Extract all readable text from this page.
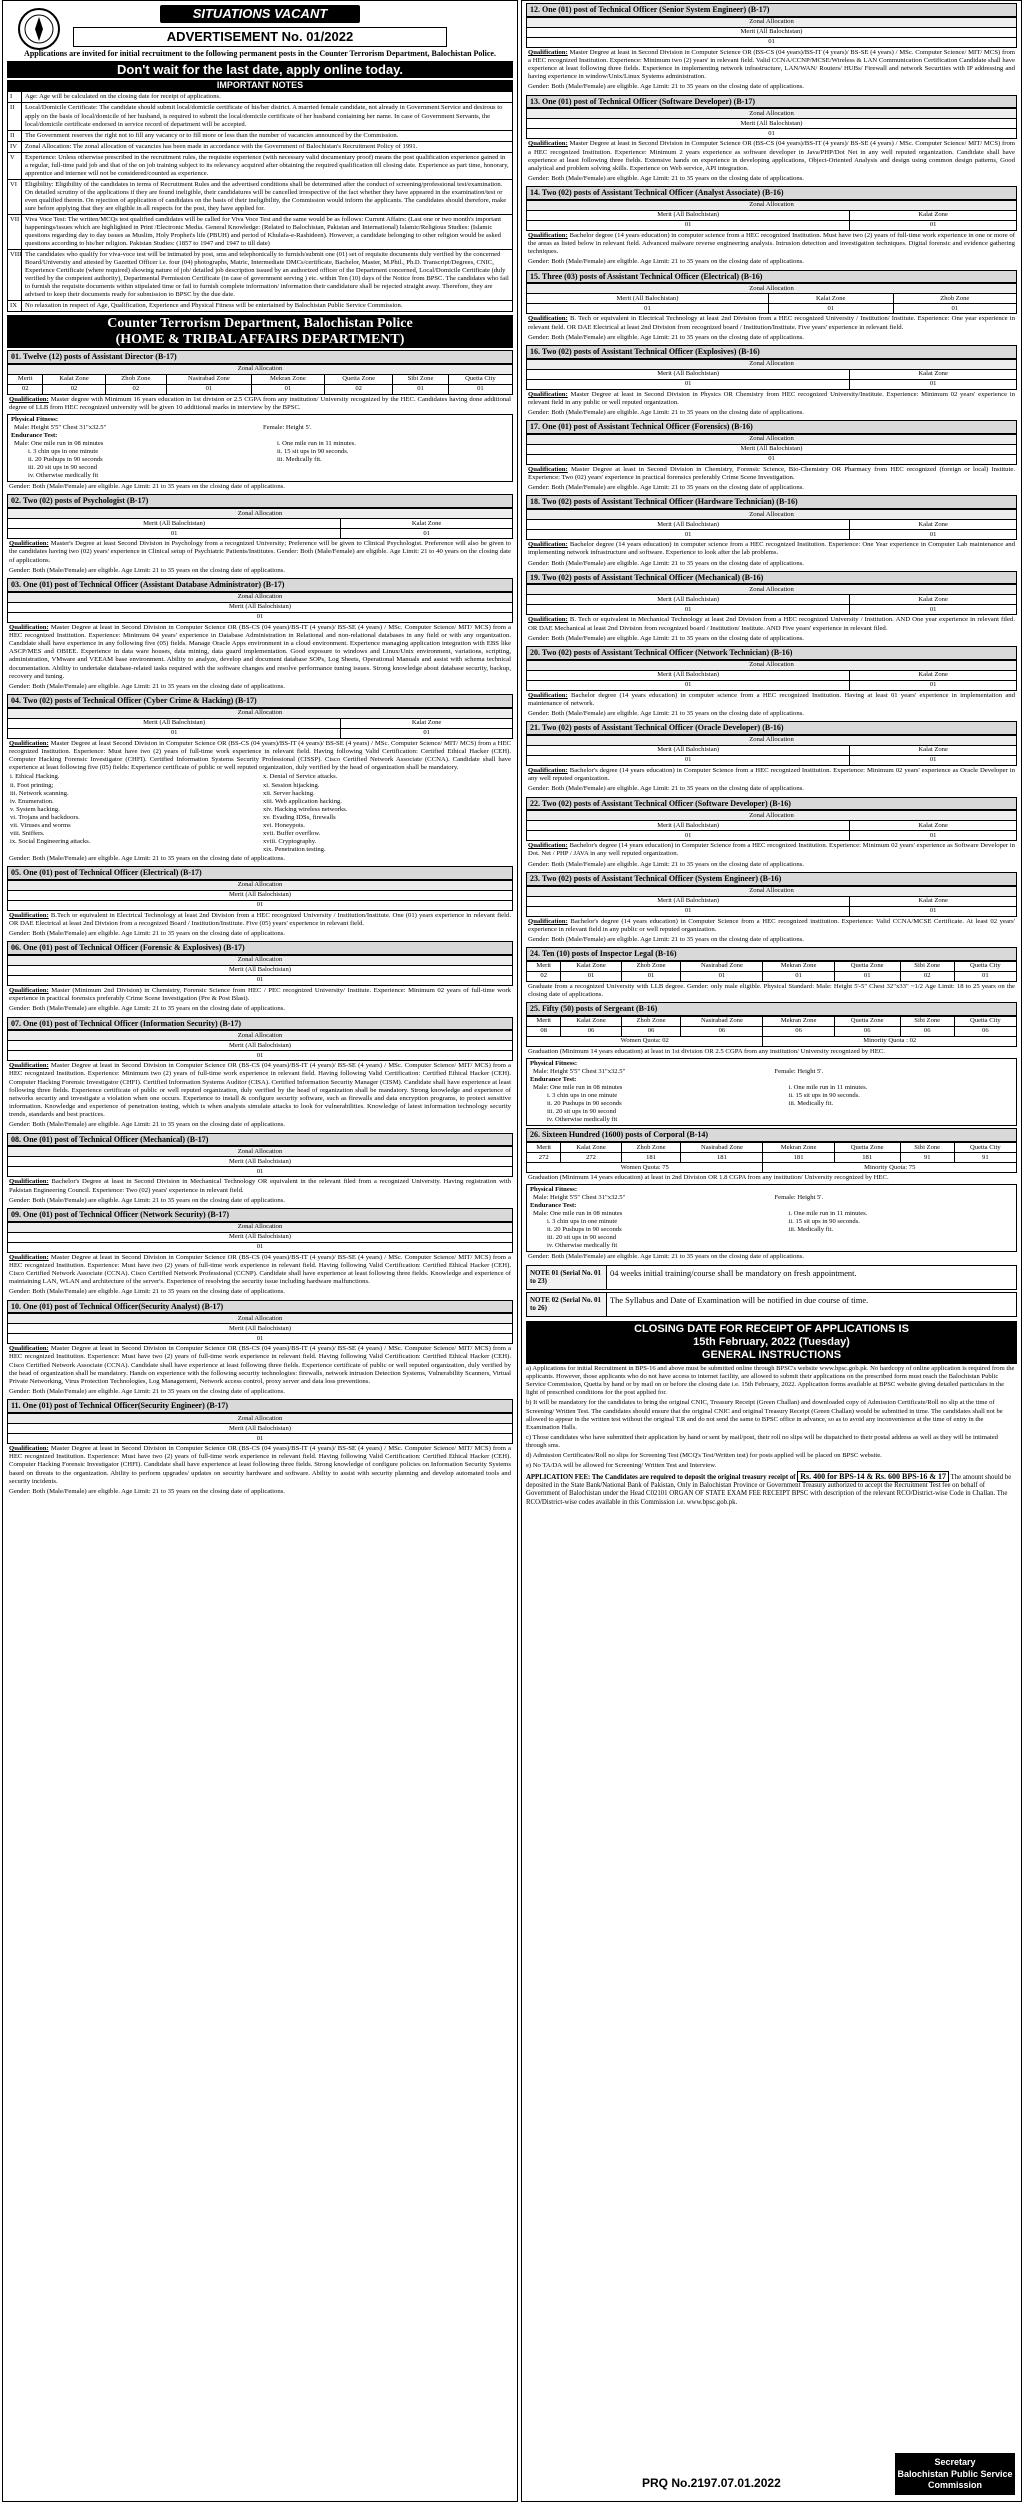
SITUATIONS VACANT
ADVERTISEMENT No. 01/2022
Applications are invited for initial recruitment to the following permanent posts in the Counter Terrorism Department, Balochistan Police.
Don't wait for the last date, apply online today.
IMPORTANT NOTES
I	Age: Age will be calculated on the closing date for receipt of applications.
II	Local/Domicile Certificate: The candidate should submit local/domicile certificate of his/her district. A married female candidate, not already in Government Service and desirous to apply on the basis of local/domicile of her husband, is required to submit the local/domicile certificate of her husband containing her name. In case of Government Servants, the local/domicile certificate endorsed in service record of department will be accepted.
II	The Government reserves the right not to fill any vacancy or to fill more or less than the number of vacancies announced by the Commission.
IV	Zonal Allocation: The zonal allocation of vacancies has been made in accordance with the Government of Balochistan's Recruitment Policy of 1991.
V	Experience: Unless otherwise prescribed in the recruitment rules, the requisite experience (with necessary valid documentary proof) means the post qualification experience gained in a regular, full-time paid job and that of the on job training subject to its relevancy acquired after obtaining the required qualification till closing date. Experience as part time, honorary, apprentice and internee will not be considered/counted as experience.
VI	Eligibility: Eligibility of the candidates in terms of Recruitment Rules and the advertised conditions shall be determined after the conduct of screening/professional test/examination. On detailed scrutiny of the applications if they are found ineligible, their candidatures will be cancelled irrespective of the fact whether they have appeared in the examination/test or even qualified therein. On rejection of application of candidates on the basis of their ineligibility, the Commission would inform the applicants. The candidates should therefore, make sure before applying that they are eligible in all respects for the post, they have applied for.
VII Viva Voce Test: The written/MCQs test qualified candidates will be called for Viva Voce Test and the same would be as follows: Current Affairs: (Last one or two month's important happenings/issues which are highlighted in Print /Electronic Media. General Knowledge: (Related to Balochistan, Pakistan and International) Islamic/Religious Studies: (Islamic questions regarding day to day issues as Muslim, Holy Prophet's life (PBUH) and period of Khulafa-e-Rashideen). However, a candidate belonging to other religion would be asked questions according to his/her religion. Pakistan Studies: (1857 to 1947 and 1947 to till date)
VIII The candidates who qualify for viva-voce test will be intimated by post, sms and telephonically to furnish/submit one (01) set of requisite documents duly verified by the concerned Board/University and attested by Gazetted Officer i.e. four (04) photographs, Matric, Intermediate DMCs/certificate, Bachelor, Master, M.Phil., Ph.D. Transcript/Degrees, CNIC, Experience Certificate (where required) showing nature of job/ detailed job description issued by an authorized officer of the Department concerned, Local/Domicile Certificate (duly verified by the competent authority), Departmental Permission Certificate (in case of government serving ) etc. within Ten (10) days of the Notice from BPSC. The candidates who fail to furnish the requisite documents within stipulated time or fail to furnish complete information/ information their candidature shall be rejected straight away. Therefore, they are advised to keep their documents ready for submission to BPSC by the due date.
IX	No relaxation in respect of Age, Qualification, Experience and Physical Fitness will be entertained by Balochistan Public Service Commission.
Counter Terrorism Department, Balochistan Police
(HOME & TRIBAL AFFAIRS DEPARTMENT)
01. Twelve (12) posts of Assistant Director (B-17)
Zonal Allocation							
Merit	Kalat Zone	Zhob Zone	Nasirabad Zone	Mekran Zone	Quetta Zone	Sibi Zone	Quetta City
02	02	02	01	01	02	01	01
Qualification: Master degree with Minimum 16 years education in 1st division or 2.5 CGPA from any institution/ University recognized by the HEC. Candidates having done additional degree of LLB from HEC recognized university will be given 10 additional marks in interview by the BPSC.
Physical Fitness:
Male: Height 5'5" Chest 31"x32.5"	Female: Height 5'.
Endurance Test:
Male: One mile run in 08 minutes
i. 3 chin ups in one minute
ii. 20 Pushups in 90 seconds
iii. 20 sit ups in 90 second
iv. Otherwise medically fit
i. One mile run in 11 minutes.
ii. 15 sit ups in 90 seconds.
iii. Medically fit.
Gender: Both (Male/Female) are eligible. Age Limit: 21 to 35 years on the closing date of applications.
02. Two (02) posts of Psychologist (B-17)
Zonal Allocation	
Merit (All Balochistan)	Kalat Zone
01	01
Qualification: Master's Degree at least Second Division in Psychology from a recognized University; Preference will be given to Clinical Psychologist. Preference will also be given to the candidates having two (02) years' experience in Clinical setup of Psychiatric Patients/Institutes. Gender: Both (Male/Female) are eligible. Age Limit: 21 to 40 years on the closing date of applications.
Gender: Both (Male/Female) are eligible. Age Limit: 21 to 35 years on the closing date of applications.
03. One (01) post of Technical Officer (Assistant Database Administrator) (B-17)
Zonal Allocation
Merit (All Balochistan)
01
Qualification: Master Degree at least in Second Division in Computer Science OR (BS-CS (04 years)/BS-IT (4 years)/ BS-SE (4 years) / MSc. Computer Science/ MIT/ MCS) from a HEC recognized Institution. Experience: Minimum 04 years' experience in Database Administration in Relational and non-relational databases in any field or with any organization. Candidate shall have experience in any following five (05) fields. Manage Oracle Apps environment in a cloud environment. Experience managing application integration with EBS like ASCP/MES and OBIEE. Experience in data ware houses, data mining, data guard implementation. Good exposure to windows and Linux/Unix environment, variations, scripting, administration, VMware and VEEAM base environment. Ability to analyze, develop and document database SOPs, Log Sheets, Operational Manuals and assist with schema technical documentation. Ability to undertake database-related tasks required with the software changes and resolve performance tuning issues. Strong knowledge about database security, backup, recovery and tuning.
Gender: Both (Male/Female) are eligible. Age Limit: 21 to 35 years on the closing date of applications.
04. Two (02) posts of Technical Officer (Cyber Crime & Hacking) (B-17)
Zonal Allocation	
Merit (All Balochistan)	Kalat Zone
01	01
Qualification: Master Degree at least Second Division in Computer Science OR (BS-CS (04 years)/BS-IT (4 years)/ BS-SE (4 years) / MSc. Computer Science/ MIT/ MCS) from a HEC recognized Institution. Experience: Must have two (2) years of full-time work experience in relevant field. Having following Valid Certification: Certified Ethical Hacker (CEH). Computer Hacking Forensic Investigator (CHFI). Certified Information Systems Security Professional (CISSP). Cisco Certified Network Associate (CCNA). Candidate shall have experience at least following five (05) fields: Experience certificate of public or well reputed organization, duly verified by the head of organization shall be mandatory.
i. Ethical Hacking.
ii. Foot printing;
iii. Network scanning.
iv. Enumeration.
v. System hacking.
vi. Trojans and backdoors.
vii. Viruses and worms
viii. Sniffers.
ix. Social Engineering attacks.
x. Denial of Service attacks.
xi. Session hijacking.
xii. Server hacking.
xiii. Web application hacking.
xiv. Hacking wireless networks.
xv. Evading IDSs, firewalls
xvi. Honeypots.
xvii. Buffer overflow.
xviii. Cryptography.
xix. Penetration testing.
Gender: Both (Male/Female) are eligible. Age Limit: 21 to 35 years on the closing date of applications.
05. One (01) post of Technical Officer (Electrical) (B-17)
Zonal Allocation
Merit (All Balochistan)
01
Qualification: B.Tech or equivalent in Electrical Technology at least 2nd Division from a HEC recognized University / Institution/Institute. One (01) years experience in relevant field. OR DAE Electrical at least 2nd Division from a recognized Board / Institution/Institute. Five (05) years' experience in relevant field.
Gender: Both (Male/Female) are eligible. Age Limit: 21 to 35 years on the closing date of applications.
06. One (01) post of Technical Officer (Forensic & Explosives) (B-17)
Zonal Allocation
Merit (All Balochistan)
01
Qualification: Master (Minimum 2nd Division) in Chemistry, Forensic Science from HEC / PEC recognized University/ Institute. Experience: Minimum 02 years of full-time work experience in practical forensics preferably Crime Scene Investigation (Pre & Post Blast).
Gender: Both (Male/Female) are eligible. Age Limit: 21 to 35 years on the closing date of applications.
07. One (01) post of Technical Officer (Information Security) (B-17)
Zonal Allocation
Merit (All Balochistan)
01
Qualification: Master Degree at least in Second Division in Computer Science OR (BS-CS (04 years)/BS-IT (4 years)/ BS-SE (4 years) / MSc. Computer Science/ MIT/ MCS) from a HEC recognized Institution. Experience: Minimum two (2) years of full-time work experience in relevant field. Having following Valid Certification: Certified Ethical Hacker (CEH). Computer Hacking Forensic Investigator (CHFI). Certified Information Systems Auditor (CISA). Certified Information Security Manager (CISM). Candidate shall have experience at least following three fields. Experience certificate of public or well reputed organization, duly verified by the head of organization shall be mandatory. Strong knowledge and experience of networks security and investigate a violation when one occurs. Experience to install & configure security software, such as firewalls and data encryption programs, to protect sensitive information. Knowledge and experience of penetration testing, which is when analysts simulate attacks to look for vulnerabilities. Knowledge of latest information technology security trends, standards and best practices.
Gender: Both (Male/Female) are eligible. Age Limit: 21 to 35 years on the closing date of applications.
08. One (01) post of Technical Officer (Mechanical) (B-17)
Zonal Allocation
Merit (All Balochistan)
01
Qualification: Bachelor's Degree at least in Second Division in Mechanical Technology OR equivalent in the relevant filed from a recognized University. Having registration with Pakistan Engineering Council. Experience: Two (02) years' experience in relevant field.
Gender: Both (Male/Female) are eligible. Age Limit: 21 to 35 years on the closing date of applications.
09. One (01) post of Technical Officer (Network Security) (B-17)
Zonal Allocation
Merit (All Balochistan)
01
Qualification: Master Degree at least in Second Division in Computer Science OR (BS-CS (04 years)/BS-IT (4 years)/ BS-SE (4 years) / MSc. Computer Science/ MIT/ MCS) from a HEC recognized Institution. Experience: Must have two (2) years of full-time work experience in relevant field. Having following Valid Certification: Certified Ethical Hacker (CEH). Cisco Certified Network Associate (CCNA). Cisco Certified Network Professional (CCNP). Candidate shall have experience at least following three fields. Knowledge and experience of maintaining LAN, WLAN and architecture of the server's. Experience of resolving the security issue including hardware malfunctions.
Gender: Both (Male/Female) are eligible. Age Limit: 21 to 35 years on the closing date of applications.
10. One (01) post of Technical Officer(Security Analyst) (B-17)
Zonal Allocation
Merit (All Balochistan)
01
Qualification: Master Degree at least in Second Division in Computer Science OR (BS-CS (04 years)/BS-IT (4 years)/ BS-SE (4 years) / MSc. Computer Science/ MIT/ MCS) from a HEC recognized Institution. Experience: Must have two (2) years of full-time work experience in relevant field. Having following Valid Certification: Certified Ethical Hacker (CEH). Cisco Certified Network Associate (CCNA). Candidate shall have experience at least following three fields. Experience certificate of public or well reputed organization, duly verified by the head of organization shall be mandatory. Hands on experience with the following security technologies: firewalls, network intrusion Detection Systems, Vulnerability Scanners, Virtual Private Networking, Virus Protection Technologies, Log Management, Network access control, proxy server and data loss preventions.
Gender: Both (Male/Female) are eligible. Age Limit: 21 to 35 years on the closing date of applications.
11. One (01) post of Technical Officer(Security Engineer) (B-17)
Zonal Allocation
Merit (All Balochistan)
01
Qualification: Master Degree at least in Second Division in Computer Science OR (BS-CS (04 years)/BS-IT (4 years)/ BS-SE (4 years) / MSc. Computer Science/ MIT/ MCS) from a HEC recognized Institution. Experience: Must have two (2) years of full-time work experience in relevant field. Having following Valid Certification: Certified Ethical Hacker (CEH). Computer Hacking Forensic Investigator (CHFI). Candidate shall have experience at least following three fields. Strong knowledge of configure policies on Information Security Systems based on threats to the organization. Ability to perform upgrades/ updates on security hardware and software. Ability to assist with security planning and develop automated tools and security incidents.
Gender: Both (Male/Female) are eligible. Age Limit: 21 to 35 years on the closing date of applications.
12. One (01) post of Technical Officer (Senior System Engineer) (B-17)
Zonal Allocation
Merit (All Balochistan)
01
Qualification: Master Degree at least in Second Division in Computer Science OR (BS-CS (04 years)/BS-IT (4 years)/ BS-SE (4 years) / MSc. Computer Science/ MIT/ MCS) from a HEC recognized Institution. Experience: Minimum two (2) years' in relevant field. Valid CCNA/CCNP/MCSE/Wireless & LAN Communication Certification Candidate shall have experience at least following three fields. Experience in implementing network infrastructure, LAN/WAN/ Routers/ HUBs/ Firewall and network Securities with IP addressing and having experience in window/Unix/Linux Systems administration.
Gender: Both (Male/Female) are eligible. Age Limit: 21 to 35 years on the closing date of applications.
13. One (01) post of Technical Officer (Software Developer) (B-17)
Zonal Allocation
Merit (All Balochistan)
01
Qualification: Master Degree at least in Second Division in Computer Science OR (BS-CS (04 years)/BS-IT (4 years)/ BS-SE (4 years) / MSc. Computer Science/ MIT/ MCS) from a HEC recognized Institution. Experience: Minimum 2 years experience as software developer in Java/PHP/Dot Net in any well reputed organization. Candidate shall have experience at least following three fields. Extensive hands on experience in developing applications, Object-Oriented Analysis and design using common design patterns, Good analytical and problem solving skills. Experience on Web service, API integration.
Gender: Both (Male/Female) are eligible. Age Limit: 21 to 35 years on the closing date of applications.
14. Two (02) posts of Assistant Technical Officer (Analyst Associate) (B-16)
Zonal Allocation	
Merit (All Balochistan)	Kalat Zone
01	01
Qualification: Bachelor degree (14 years education) in computer science from a HEC recognized Institution. Must have two (2) years of full-time work experience in one or more of the areas as listed below in relevant field. Advanced malware reverse engineering analysis. Intrusion detection and investigation techniques. Digital forensic and evidence gathering techniques.
Gender: Both (Male/Female) are eligible. Age Limit: 21 to 35 years on the closing date of applications.
15. Three (03) posts of Assistant Technical Officer (Electrical) (B-16)
Zonal Allocation		
Merit (All Balochistan)	Kalat Zone	Zhob Zone
01	01	01
Qualification: B. Tech or equivalent in Electrical Technology at least 2nd Division from a HEC recognized University / Institution/ Institute. Experience: One year experience in relevant field. OR DAE Electrical at least 2nd Division from recognized board / Institution/Institute. Five years' experience in relevant field.
Gender: Both (Male/Female) are eligible. Age Limit: 21 to 35 years on the closing date of applications.
16. Two (02) posts of Assistant Technical Officer (Explosives) (B-16)
Zonal Allocation	
Merit (All Balochistan)	Kalat Zone
01	01
Qualification: Master Degree at least in Second Division in Physics OR Chemistry from HEC recognized University/Institute. Experience: Minimum 02 years' experience in relevant field in any public or well reputed organization.
Gender: Both (Male/Female) are eligible. Age Limit: 21 to 35 years on the closing date of applications.
17. One (01) post of Assistant Technical Officer (Forensics) (B-16)
Zonal Allocation
Merit (All Balochistan)
01
Qualification: Master Degree at least in Second Division in Chemistry, Forensic Science, Bio-Chemistry OR Pharmacy from HEC recognized (foreign or local) Institute. Experience: Two (02) years' experience in practical forensics preferably Crime Scene Investigation.
Gender: Both (Male/Female) are eligible. Age Limit: 21 to 35 years on the closing date of applications.
18. Two (02) posts of Assistant Technical Officer (Hardware Technician) (B-16)
Zonal Allocation	
Merit (All Balochistan)	Kalat Zone
01	01
Qualification: Bachelor degree (14 years education) in computer science from a HEC recognized Institution. Experience: One Year experience in Computer Lab maintenance and implementing network infrastructure and software. Experience to look after the lab problems.
Gender: Both (Male/Female) are eligible. Age Limit: 21 to 35 years on the closing date of applications.
19. Two (02) posts of Assistant Technical Officer (Mechanical) (B-16)
Zonal Allocation	
Merit (All Balochistan)	Kalat Zone
01	01
Qualification: B. Tech or equivalent in Mechanical Technology at least 2nd Division from a HEC recognized University / Institution. AND One year experience in relevant filed. OR DAE Mechanical at least 2nd Division from recognized board / Institution/ Institute. AND Five years' experience in relevant filed.
Gender: Both (Male/Female) are eligible. Age Limit: 21 to 35 years on the closing date of applications.
20. Two (02) posts of Assistant Technical Officer (Network Technician) (B-16)
Zonal Allocation	
Merit (All Balochistan)	Kalat Zone
01	01
Qualification: Bachelor degree (14 years education) in computer science from a HEC recognized Institution. Having at least 01 years' experience in implementation and maintenance of network.
Gender: Both (Male/Female) are eligible. Age Limit: 21 to 35 years on the closing date of applications.
21. Two (02) posts of Assistant Technical Officer (Oracle Developer) (B-16)
Zonal Allocation	
Merit (All Balochistan)	Kalat Zone
01	01
Qualification: Bachelor's degree (14 years education) in Computer Science from a HEC recognized Institution. Experience: Minimum 02 years' experience as Oracle Developer in any well reputed organization.
Gender: Both (Male/Female) are eligible. Age Limit: 21 to 35 years on the closing date of applications.
22. Two (02) posts of Assistant Technical Officer (Software Developer) (B-16)
Zonal Allocation	
Merit (All Balochistan)	Kalat Zone
01	01
Qualification: Bachelor's degree (14 years education) in Computer Science from a HEC recognized Institution. Experience: Minimum 02 years' experience as Software Developer in Dot. Net / PHP / JAVA in any well reputed organization.
Gender: Both (Male/Female) are eligible. Age Limit: 21 to 35 years on the closing date of applications.
23. Two (02) posts of Assistant Technical Officer (System Engineer) (B-16)
Zonal Allocation	
Merit (All Balochistan)	Kalat Zone
01	01
Qualification: Bachelor's degree (14 years education) in Computer Science from a HEC recognized institution. Experience: Valid CCNA/MCSE Certificate. At least 02 years' experience in relevant field in any public or well reputed organization.
Gender: Both (Male/Female) are eligible. Age Limit: 21 to 35 years on the closing date of applications.
24. Ten (10) posts of Inspector Legal (B-16)
Merit	Kalat Zone	Zhob Zone	Nasirabad Zone	Mekran Zone	Quetta Zone	Sibi Zone	Quetta City
02	01	01	01	01	01	02	01
Graduate from a recognized University with LLB degree. Gender: only male eligible. Physical Standard: Male: Height 5'-5" Chest 32"x33" ~1/2 Age Limit: 18 to 25 years on the closing date of applications.
25. Fifty (50) posts of Sergeant (B-16)
Merit	Kalat Zone	Zhob Zone	Nasirabad Zone	Mekran Zone	Quetta Zone	Sibi Zone	Quetta City
08	06	06	06	06	06	06	06
Women Quota: 02				Minority Quota : 02			
Graduation (Minimum 14 years education) at least in 1st division OR 2.5 CGPA from any institution/ University recognized by HEC.
Physical Fitness:
Male: Height 5'5" Chest 31"x32.5"	Female: Height 5'.
Endurance Test:
Male: One mile run in 08 minutes
i. 3 chin ups in one minute
ii. 20 Pushups in 90 seconds
iii. 20 sit ups in 90 second
iv. Otherwise medically fit
i. One mile run in 11 minutes.
ii. 15 sit ups in 90 seconds.
iii. Medically fit.
26. Sixteen Hundred (1600) posts of Corporal (B-14)
Merit	Kalat Zone	Zhob Zone	Nasirabad Zone	Mekran Zone	Quetta Zone	Sibi Zone	Quetta City
272	272	181	181	181	181	91	91
Women Quota: 75				Minority Quota: 75			
Graduation (Minimum 14 years education) at least in 2nd Division OR 1.8 CGPA from any institution/ University recognized by HEC.
Physical Fitness:
Male: Height 5'5" Chest 31"x32.5"	Female: Height 5'.
Endurance Test:
Male: One mile run in 08 minutes
i. 3 chin ups in one minute
ii. 20 Pushups in 90 seconds
iii. 20 sit ups in 90 second
iv. Otherwise medically fit
i. One mile run in 11 minutes.
ii. 15 sit ups in 90 seconds.
iii. Medically fit.
Gender: Both (Male/Female) are eligible. Age Limit: 21 to 35 years on the closing date of applications.
NOTE 01 (Serial No. 01 to 23)
04 weeks initial training/course shall be mandatory on fresh appointment.
NOTE 02 (Serial No. 01 to 26)
The Syllabus and Date of Examination will be notified in due course of time.
CLOSING DATE FOR RECEIPT OF APPLICATIONS IS
15th February, 2022 (Tuesday)
GENERAL INSTRUCTIONS
a) Applications for initial Recruitment in BPS-16 and above must be submitted online through BPSC's website www.bpsc.gob.pk. No hardcopy of online application is required from the applicants. However, those applicants who do not have access to internet facility, are allowed to submit their applications on the prescribed form must reach the Balochistan Public Service Commission, Quetta by hand or by mail on or before the closing date i.e. 15th February, 2022. Application forms available at BPSC website giving detailed particulars in the light of prescribed conditions for the post applied for.
b) It will be mandatory for the candidates to bring the original CNIC, Treasury Receipt (Green Challan) and downloaded copy of Admission Certificate/Roll no slip at the time of Screening/ Written Test. The candidates should ensure that the original CNIC and original Treasury Receipt (Green Challan) would be submitted in time. The candidates shall not be allowed to appear in the written test without the original T.R and do not send the same to BPSC office in advance, so as to avoid any inconvenience at the time of entry in the Examination Halls.
c) Those candidates who have submitted their application by hand or sent by mail/post, their roll no slips will be dispatched to their postal address as well as they will be intimated through sms.
d) Admission Certificates/Roll no slips for Screening Test (MCQ's Test/Written test) for posts applied will be placed on BPSC website.
e) No TA/DA will be allowed for Screening/ Written Test and Interview.
APPLICATION FEE: The Candidates are required to deposit the original treasury receipt of Rs. 400 for BPS-14 & Rs. 600 BPS-16 & 17 The amount should be deposited in the State Bank/National Bank of Pakistan, Only in Balochistan Province or Government Treasury authorized to accept the Recruitment Test fee on behalf of Government of Balochistan under the Head C02101 ORGAN OF STATE EXAM FEE RECEIPT BPSC with description of the relevant RCO/District-wise Code in Challan. The RCO/District-wise codes available in this Commission i.e. www.bpsc.gob.pk.
PRQ No.2197.07.01.2022
Secretary
Balochistan Public Service
Commission
